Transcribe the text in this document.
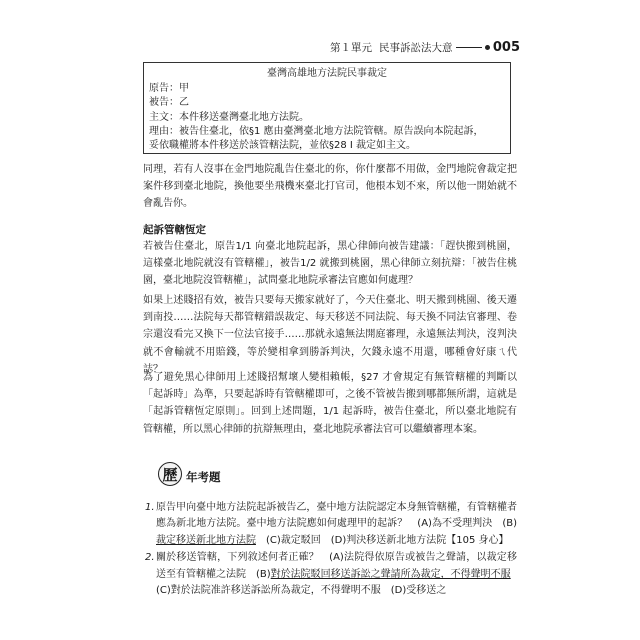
第１單元 民事訴訟法大意	005
臺灣高雄地方法院民事裁定

原告：甲

被告：乙

主文：本件移送臺灣臺北地方法院。

理由：被告住臺北，依§1 應由臺灣臺北地方法院管轄。原告誤向本院起訴，

妥依職權將本件移送於該管轄法院，並依§28 I 裁定如主文。

同理，若有人沒事在金門地院亂告住臺北的你，你什麼都不用做，金門地院會裁定把案件移到臺北地院，換他要坐飛機來臺北打官司，他根本划不來，所以他一開始就不會亂告你。

起訴管轄恆定

若被告住臺北，原告1/1 向臺北地院起訴，黑心律師向被告建議：「趕快搬到桃園，這樣臺北地院就沒有管轄權」，被告1/2 就搬到桃園，黑心律師立刻抗辯：「被告住桃園，臺北地院沒管轄權」，試問臺北地院承審法官應如何處理？

如果上述賤招有效，被告只要每天搬家就好了，今天住臺北、明天搬到桃園、後天遷到南投……法院每天都管轄錯誤裁定、每天移送不同法院、每天換不同法官審理、卷宗還沒看完又換下一位法官接手……那就永遠無法開庭審理，永遠無法判決，沒判決就不會輸就不用賠錢，等於變相拿到勝訴判決，欠錢永遠不用還，哪種會好康ㄟ代誌？

為了避免黑心律師用上述賤招幫壞人變相賴帳，§27 才會規定有無管轄權的判斷以「起訴時」為準，只要起訴時有管轄權即可，之後不管被告搬到哪都無所謂，這就是「起訴管轄恆定原則」。回到上述問題，1/1 起訴時，被告住臺北，所以臺北地院有管轄權，所以黑心律師的抗辯無理由，臺北地院承審法官可以繼續審理本案。

歷 年考題
1. 原告甲向臺中地方法院起訴被告乙，臺中地方法院認定本身無管轄權，有管轄權者應為新北地方法院。臺中地方法院應如何處理甲的起訴？　(A)為不受理判決　(B)裁定移送新北地方法院　(C)裁定駁回　(D)判決移送新北地方法院【105 身心】
2. 關於移送管轄，下列敘述何者正確？　(A)法院得依原告或被告之聲請，以裁定移送至有管轄權之法院　(B)對於法院駁回移送訴訟之聲請所為裁定，不得聲明不服　(C)對於法院准許移送訴訟所為裁定，不得聲明不服　(D)受移送之
